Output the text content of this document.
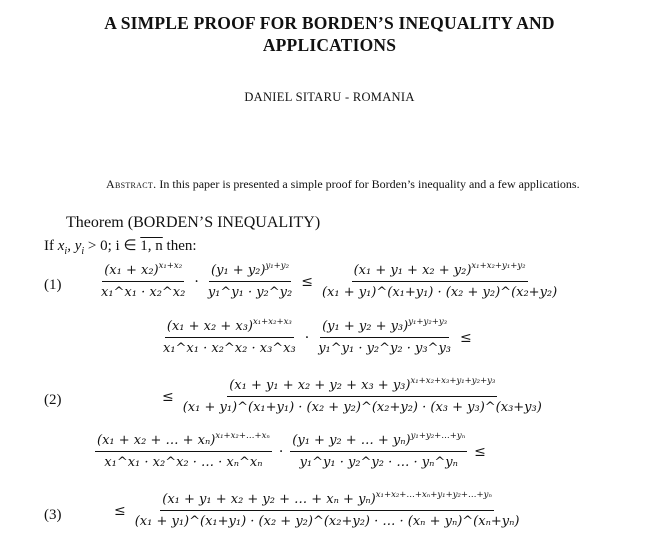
A SIMPLE PROOF FOR BORDEN’S INEQUALITY AND
APPLICATIONS
DANIEL SITARU - ROMANIA
Abstract. In this paper is presented a simple proof for Borden’s inequality and a few applications.
Theorem (BORDEN’S INEQUALITY)
If $x_i$, $y_i > 0$; i ∈ 1, n then:
(1)	$\frac{(x_1 + x_2)^{x_1+x_2}}{\text{x₁\textasciicircum{}x₁ · x₂\textasciicircum{}x₂}} \cdot \frac{(y_1 + y_2)^{y_1+y_2}}{\text{y₁\textasciicircum{}y₁ · y₂\textasciicircum{}y₂}} \le \frac{(x_1 + y_1 + x_2 + y_2)^{x_1+x_2+y_1+y_2}}{\text{(x₁ + y₁)\textasciicircum{}(x₁+y₁) · (x₂ + y₂)\textasciicircum{}(x₂+y₂)}}$
$\frac{(x_1 + x_2 + x_3)^{x_1+x_2+x_3}}{\text{x₁\textasciicircum{}x₁ · x₂\textasciicircum{}x₂ · x₃\textasciicircum{}x₃}} \cdot \frac{(y_1 + y_2 + y_3)^{y_1+y_2+y_3}}{\text{y₁\textasciicircum{}y₁ · y₂\textasciicircum{}y₂ · y₃\textasciicircum{}y₃}}$ ≤
(2)	≤ $\frac{(x_1 + y_1 + x_2 + y_2 + x_3 + y_3)^{x_1+x_2+x_3+y_1+y_2+y_3}}{\text{(x₁ + y₁)\textasciicircum{}(x₁+y₁) · (x₂ + y₂)\textasciicircum{}(x₂+y₂) · (x₃ + y₃)\textasciicircum{}(x₃+y₃)}}$
$\frac{(x_1 + x_2 + \dots + x_n)^{x_1+x_2+\dots+x_n}}{\text{x₁\textasciicircum{}x₁ · x₂\textasciicircum{}x₂ · … · xₙ\textasciicircum{}xₙ}} \cdot \frac{(y_1 + y_2 + \dots + y_n)^{y_1+y_2+\dots+y_n}}{\text{y₁\textasciicircum{}y₁ · y₂\textasciicircum{}y₂ · … · yₙ\textasciicircum{}yₙ}}$ ≤
(3)	≤
(x₁ + y₁ + x₂ + y₂ + … + xₙ + yₙ)$^{x_1+x_2+\dots+x_n+y_1+y_2+\dots+y_n}$
(x₁ + y₁)^(x₁+y₁) · (x₂ + y₂)^(x₂+y₂) · … · (xₙ + yₙ)^(xₙ+yₙ)
